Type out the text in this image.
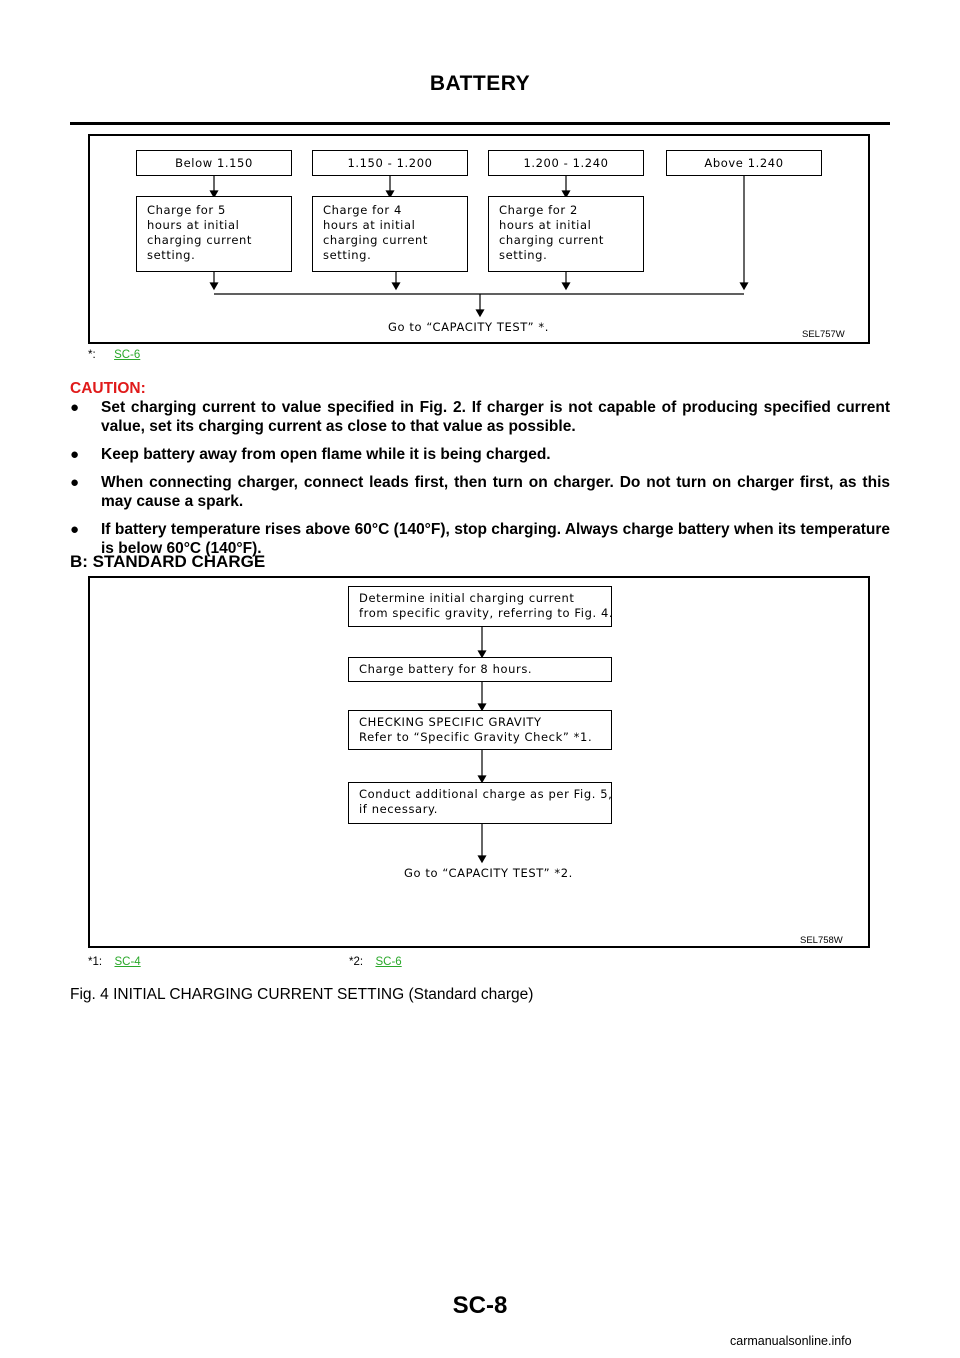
BATTERY
Below 1.150	1.150 - 1.200	1.200 - 1.240	Above 1.240
Charge for 5
hours at initial
charging current
setting.
Charge for 4
hours at initial
charging current
setting.
Charge for 2
hours at initial
charging current
setting.
Go to “CAPACITY TEST” *.
SEL757W
*: SC-6
CAUTION:
● Set charging current to value specified in Fig. 2. If charger is not capable of producing specified current value, set its charging current as close to that value as possible.
● Keep battery away from open flame while it is being charged.
● When connecting charger, connect leads first, then turn on charger. Do not turn on charger first, as this may cause a spark.
● If battery temperature rises above 60°C (140°F), stop charging. Always charge battery when its temperature is below 60°C (140°F).
B: STANDARD CHARGE
Determine initial charging current
from specific gravity, referring to Fig. 4.
Charge battery for 8 hours.
CHECKING SPECIFIC GRAVITY
Refer to “Specific Gravity Check” *1.
Conduct additional charge as per Fig. 5,
if necessary.
Go to “CAPACITY TEST” *2.
SEL758W
*1: SC-4	*2: SC-6
Fig. 4 INITIAL CHARGING CURRENT SETTING (Standard charge)
SC-8
carmanualsonline.info
